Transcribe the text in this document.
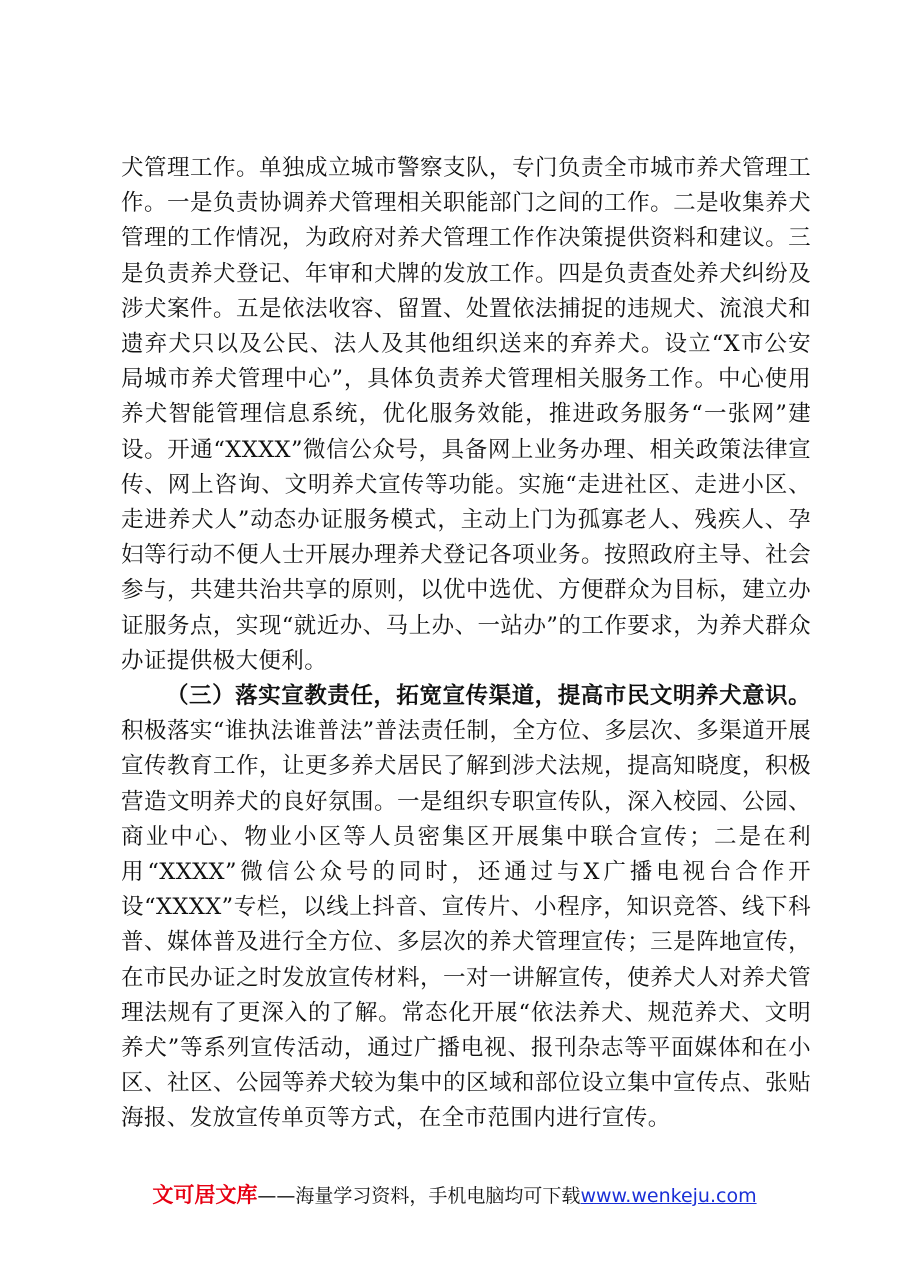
犬管理工作。单独成立城市警察支队，专门负责全市城市养犬管理工作。一是负责协调养犬管理相关职能部门之间的工作。二是收集养犬管理的工作情况，为政府对养犬管理工作作决策提供资料和建议。三是负责养犬登记、年审和犬牌的发放工作。四是负责查处养犬纠纷及涉犬案件。五是依法收容、留置、处置依法捕捉的违规犬、流浪犬和遗弃犬只以及公民、法人及其他组织送来的弃养犬。设立“X市公安局城市养犬管理中心”，具体负责养犬管理相关服务工作。中心使用养犬智能管理信息系统，优化服务效能，推进政务服务“一张网”建设。开通“XXXX”微信公众号，具备网上业务办理、相关政策法律宣传、网上咨询、文明养犬宣传等功能。实施“走进社区、走进小区、走进养犬人”动态办证服务模式，主动上门为孤寡老人、残疾人、孕妇等行动不便人士开展办理养犬登记各项业务。按照政府主导、社会参与，共建共治共享的原则，以优中选优、方便群众为目标，建立办证服务点，实现“就近办、马上办、一站办”的工作要求，为养犬群众办证提供极大便利。

（三）落实宣教责任，拓宽宣传渠道，提高市民文明养犬意识。积极落实“谁执法谁普法”普法责任制，全方位、多层次、多渠道开展宣传教育工作，让更多养犬居民了解到涉犬法规，提高知晓度，积极营造文明养犬的良好氛围。一是组织专职宣传队，深入校园、公园、商业中心、物业小区等人员密集区开展集中联合宣传；二是在利用“XXXX”微信公众号的同时，还通过与X广播电视台合作开设“XXXX”专栏，以线上抖音、宣传片、小程序，知识竞答、线下科普、媒体普及进行全方位、多层次的养犬管理宣传；三是阵地宣传，在市民办证之时发放宣传材料，一对一讲解宣传，使养犬人对养犬管理法规有了更深入的了解。常态化开展“依法养犬、规范养犬、文明养犬”等系列宣传活动，通过广播电视、报刊杂志等平面媒体和在小区、社区、公园等养犬较为集中的区域和部位设立集中宣传点、张贴海报、发放宣传单页等方式，在全市范围内进行宣传。

文可居文库——海量学习资料，手机电脑均可下载www.wenkeju.com
